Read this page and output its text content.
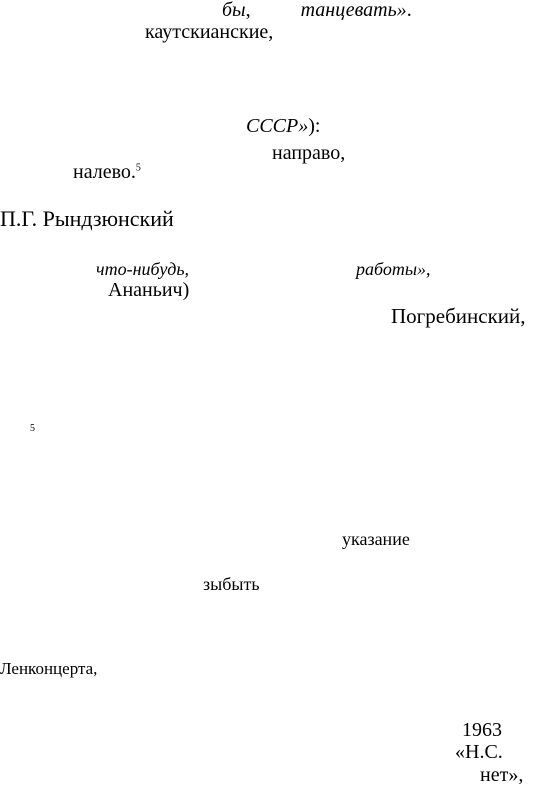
бы,	танцевать».
каутскианские,
СССР»):
направо,
налево.$^5$
П.Г. Рындзюнский
что-нибудь,	работы»,
Ананьич)
Погребинский,
5
указание
зыбыть
Ленконцерта,
1963
«Н.С.
нет»,
